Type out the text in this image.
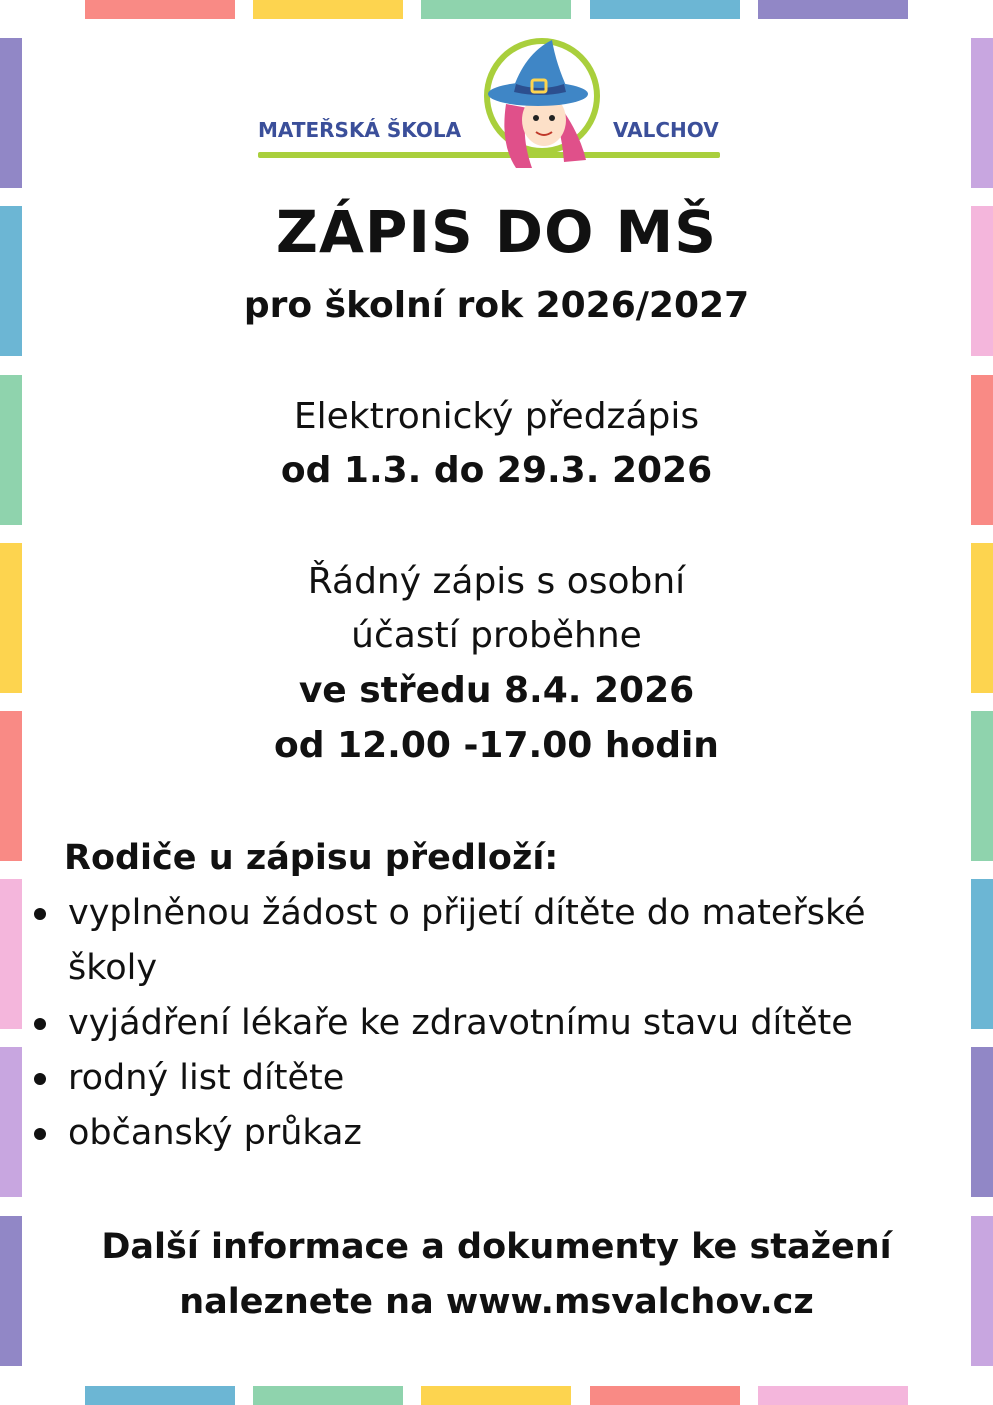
MATEŘSKÁ ŠKOLA	VALCHOV
ZÁPIS DO MŠ
pro školní rok 2026/2027
Elektronický předzápis
od 1.3. do 29.3. 2026
Řádný zápis s osobní
účastí proběhne
ve středu 8.4. 2026
od 12.00 -17.00 hodin
Rodiče u zápisu předloží:
vyplněnou žádost o přijetí dítěte do mateřské školy
vyjádření lékaře ke zdravotnímu stavu dítěte
rodný list dítěte
občanský průkaz
Další informace a dokumenty ke stažení
naleznete na www.msvalchov.cz
